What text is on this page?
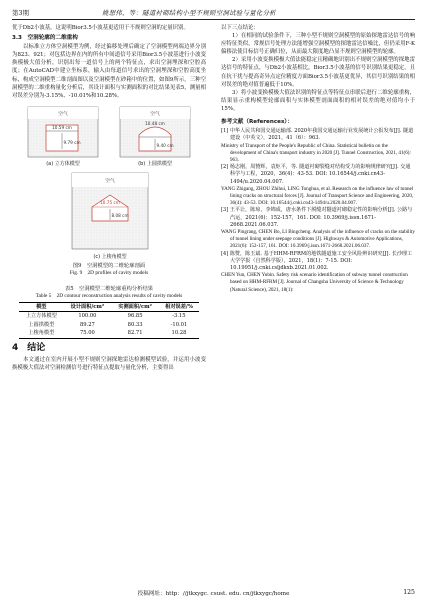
第3期	姚想伟，等：隧道衬砌结构小型不规则空洞试验与量化分析

优于Db2小波基，这说明Bior3.5小波基更适用于不规则空洞的定量识别。

3.3　空洞轮廓的二维重构

以标准立方体空洞模型为例，经过偏移处理后确定了空洞模型两端边界分别为823、921；对包括边界在内的所有中间道信号采用Bior3.5小波基进行小波变换模极大值分析，识别出每一道信号上的两个特征点，求出空洞埋深和空腔高度；在AutoCAD中建立坐标系，输入由每道信号求出的空洞埋深和空腔高度坐标，构成空洞模型二维剖面图以及空洞模型在砂箱中的位置，如图9所示。三种空洞模型的二维重构量化分析后，其设计面积与实测面积的对比结果见表5，测量相对误差分别为-3.15%、-10.01%和10.28%。

空气
10.59 cm
9.79 cm
(a) 立方体模型
空气
10.48 cm
9.40 cm
(b) 上圆拱模型
空气
10.75 cm
8.08 cm
(c) 上梭角模型
图9　空洞模型的二维轮廓剖面
Fig. 9　2D profiles of cavity models
表5　空洞模型二维轮廓重构分析结果
Table 5　2D contour reconstruction analysis results of cavity models
模型	设计面积/cm²	实测面积/cm²	相对误差/%
上立方体模型	100.00	96.85	-3.15
上圆拱模型	89.27	80.33	-10.01
上梭角模型	75.00	82.71	10.28
4　结论

本文通过在室内开展小型不规则空洞探地雷达检测模型试验，并运用小波变换模极大值法对空洞检测信号进行特征点提取与量化分析，主要得出

以下三点结论：

1）在相同的试验条件下，三种小型不规则空洞模型的原始探地雷达信号的响应特征类似，常规信号处理方法能增强空洞模型的探地雷达信噪比，但仍采用F-K偏移法使目标信号正确归位，从而最大限度地凸显不规则空洞模型的轮廓。

2）采用小波变换模极大值法能稳定且精确地识别出不规则空洞模型的探地雷达信号的特征点，与Db2小波基相比，Bior3.5小波基的信号识别结果更稳定，且在抗干扰与提高奇异点定位精度方面Bior3.5小波基更优异，其信号识别结果的相对误差的绝对值普遍低于10%。

3）将小波变换模极大值法识别的特征点等特征点串联后进行二维轮廓重构，结果显示重构模型轮廓面积与实体模型剖面面积的相对误差的绝对值均小于15%。

参考文献（References）：
[1] 中华人民共和国交通运输部. 2020年我国交通运输行业发展统计公报发布[J]. 隧道建设（中英文），2021，41（6）：963.
Ministry of Transport of the People's Republic of China. Statistical bulletin on the development of China's transport industry in 2020 [J]. Tunnel Construction, 2021, 41(6): 963.
[2] 杨志刚，周贊辉，袁炬平，等. 隧道衬砌裂缝对结构受力的影响规律研究[J]. 交通科学与工程，2020，36(4)：43-53. DOI: 10.16544/j.cnki.cn43-1494/u.2020.04.007.
YANG Zhigang, ZHOU Zhihui, LING Tonghua, et al. Research on the influence law of tunnel lining cracks on structural forces [J]. Journal of Transport Science and Engineering, 2020, 36(4): 43-53. DOI: 10.16544/j.cnki.cn43-1494/u.2020.04.007.
[3] 王平让，陈琼，李锦成，唐水条件下脱缝对隧道衬砌稳定性的影响分析[J]. 公路与汽运，2021(6)：152-157，161. DOI: 10.3969/j.issn.1671-2668.2021.06.037.
WANG Pingrang, CHEN Bo, LI Bingcheng. Analysis of the influence of cracks on the stability of tunnel lining under seepage conditions [J]. Highways & Automotive Applications, 2021(6): 152-157, 161. DOI: 10.3969/j.issn.1671-2668.2021.06.037.
[4] 陈赞，陈玉斌. 基于HHM-RFRM的地铁隧道施工安全风险辨识研究[J]. 长沙理工大学学报（自然科学版），2021，18(1)：7-15. DOI: 10.19951/j.cnki.csljdkxb.2021.01.002.
CHEN Yun, CHEN Yubin. Safety risk scenario identification of subway tunnel construction based on HHM-RFRM [J]. Journal of Changsha University of Science & Technology (Natural Science), 2021, 18(1):
投稿网址：http：//jtkxygc. csust. edu. cn/jtkxygc/home	125
